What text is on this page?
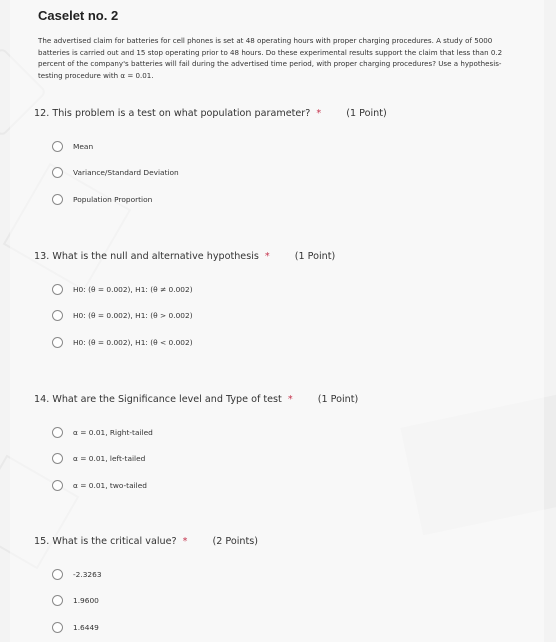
Caselet no. 2
The advertised claim for batteries for cell phones is set at 48 operating hours with proper charging procedures. A study of 5000 batteries is carried out and 15 stop operating prior to 48 hours. Do these experimental results support the claim that less than 0.2 percent of the company's batteries will fail during the advertised time period, with proper charging procedures? Use a hypothesis-testing procedure with α = 0.01.
12. This problem is a test on what population parameter? *	(1 Point)
Mean
Variance/Standard Deviation
Population Proportion
13. What is the null and alternative hypothesis *	(1 Point)
H0: (θ = 0.002), H1: (θ ≠ 0.002)
H0: (θ = 0.002), H1: (θ > 0.002)
H0: (θ = 0.002), H1: (θ < 0.002)
14. What are the Significance level and Type of test *	(1 Point)
α = 0.01, Right-tailed
α = 0.01, left-tailed
α = 0.01, two-tailed
15. What is the critical value? *	(2 Points)
-2.3263
1.9600
1.6449
